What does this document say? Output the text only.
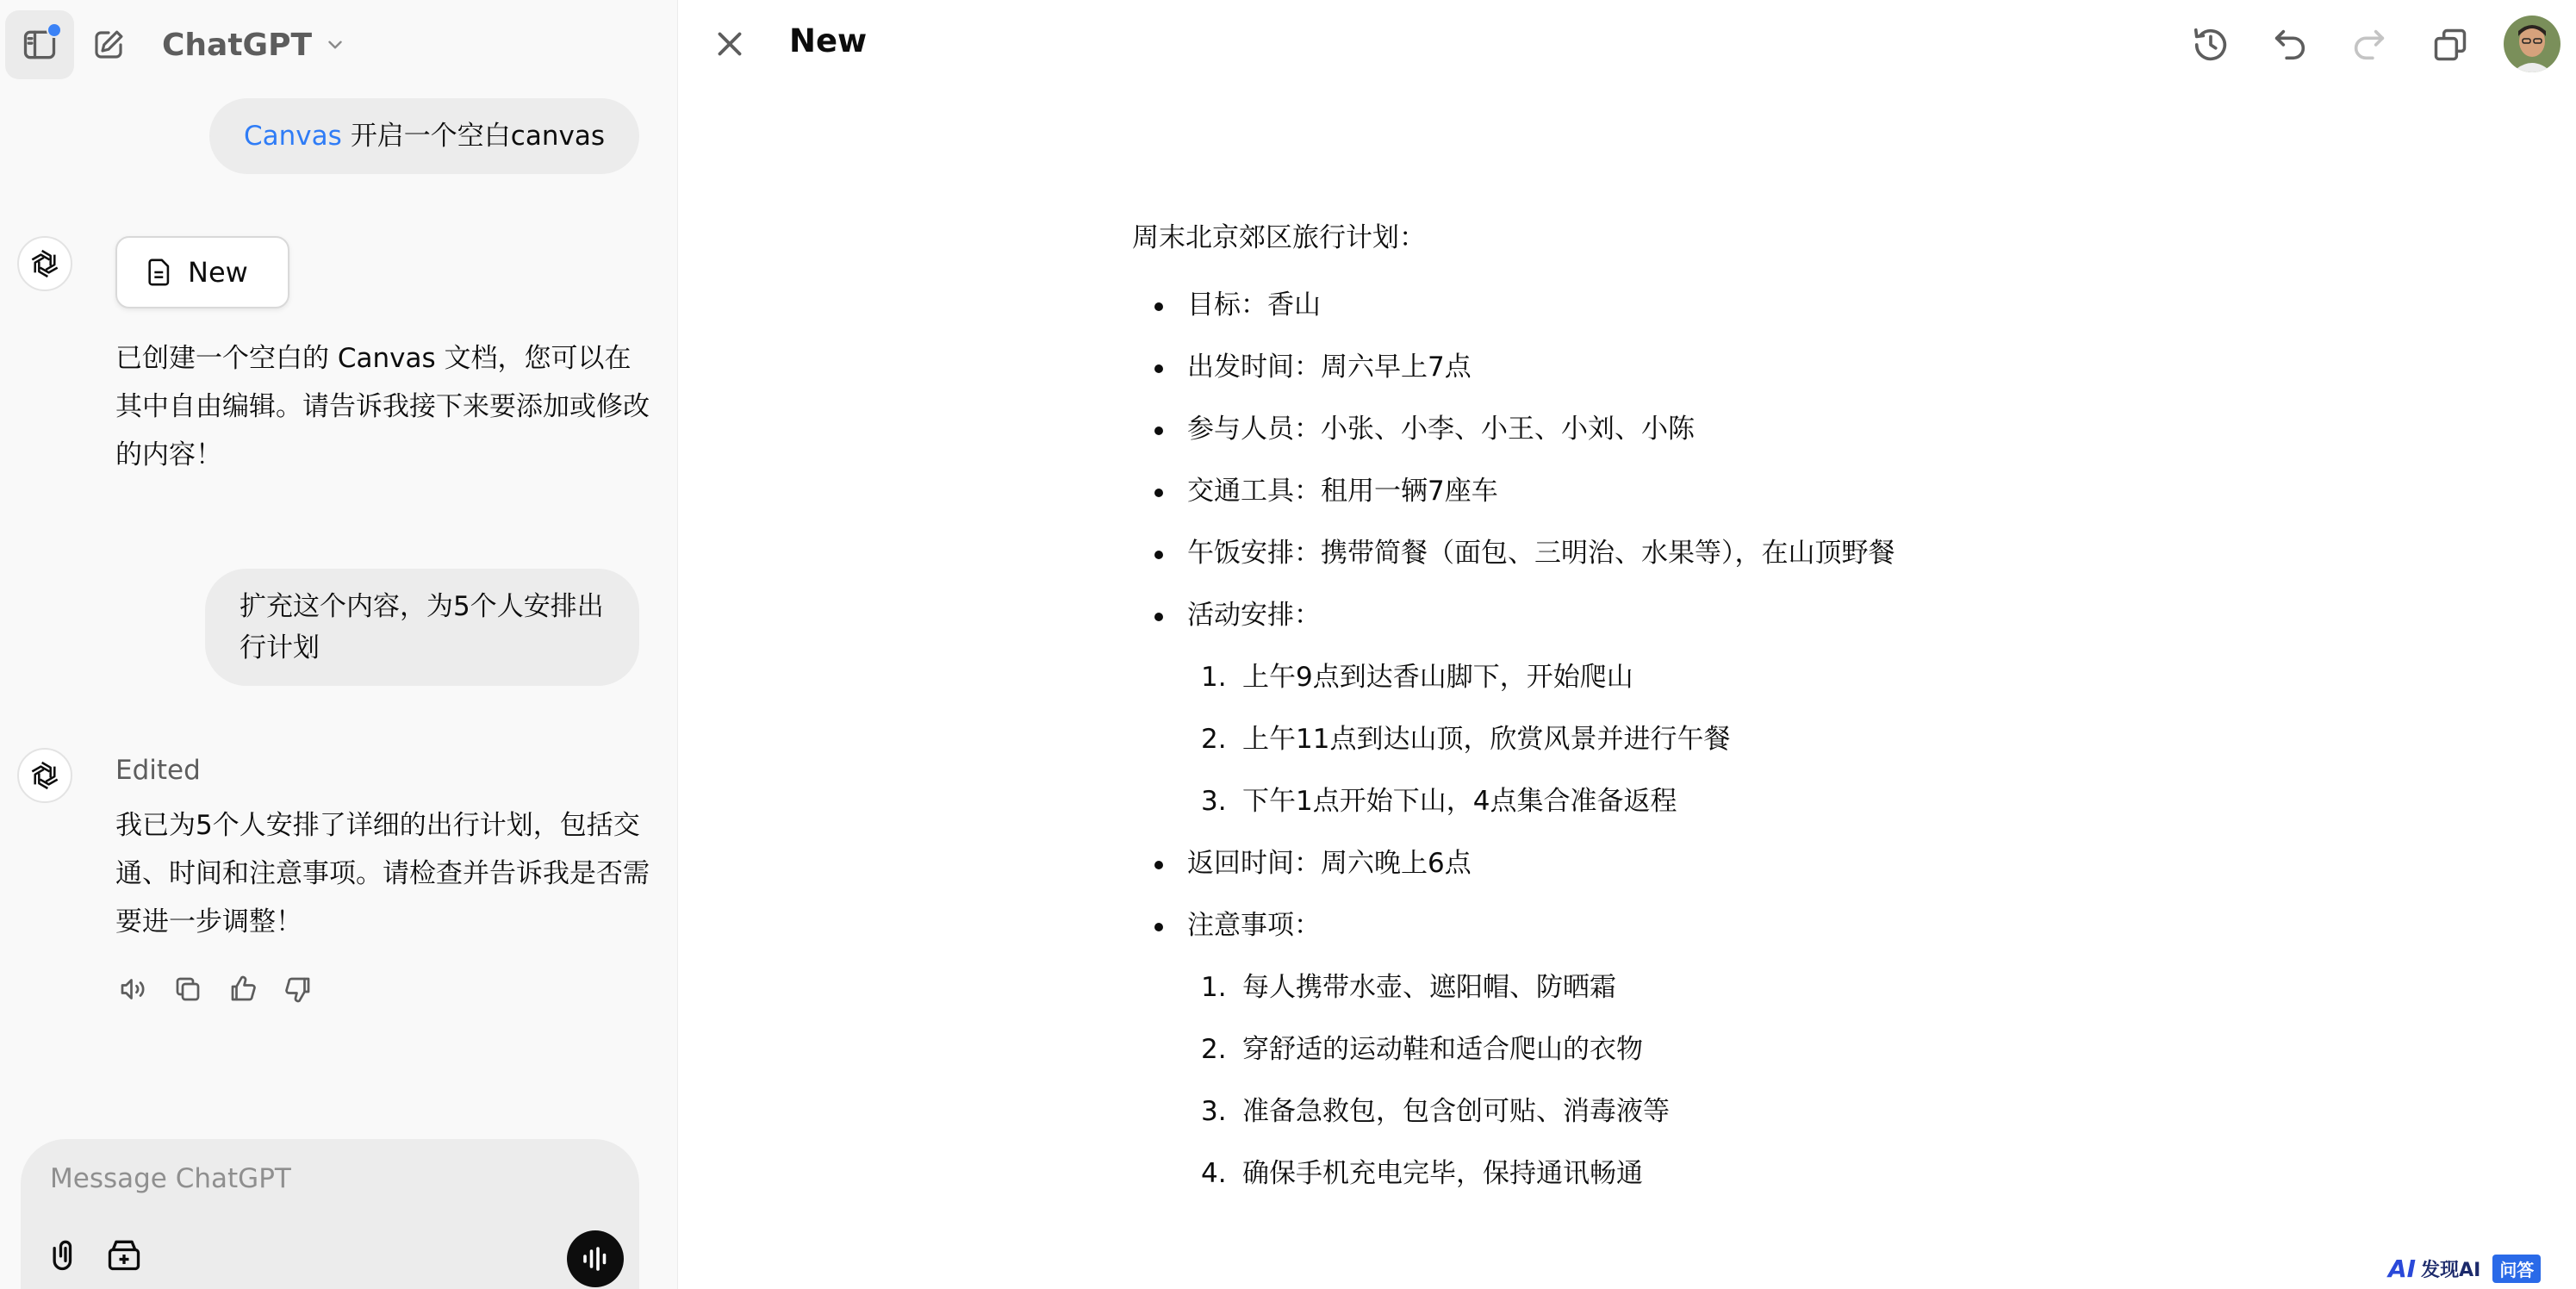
ChatGPT
Canvas 开启一个空白canvas
New
已创建一个空白的 Canvas 文档，您可以在其中自由编辑。请告诉我接下来要添加或修改的内容！
扩充这个内容，为5个人安排出行计划
Edited
我已为5个人安排了详细的出行计划，包括交通、时间和注意事项。请检查并告诉我是否需要进一步调整！
Message ChatGPT
New
周末北京郊区旅行计划：
目标：香山
出发时间：周六早上7点
参与人员：小张、小李、小王、小刘、小陈
交通工具：租用一辆7座车
午饭安排：携带简餐（面包、三明治、水果等），在山顶野餐
活动安排：
1. 上午9点到达香山脚下，开始爬山
2. 上午11点到达山顶，欣赏风景并进行午餐
3. 下午1点开始下山，4点集合准备返程
返回时间：周六晚上6点
注意事项：
1. 每人携带水壶、遮阳帽、防晒霜
2. 穿舒适的运动鞋和适合爬山的衣物
3. 准备急救包，包含创可贴、消毒液等
4. 确保手机充电完毕，保持通讯畅通
AI 发现AI	问答
